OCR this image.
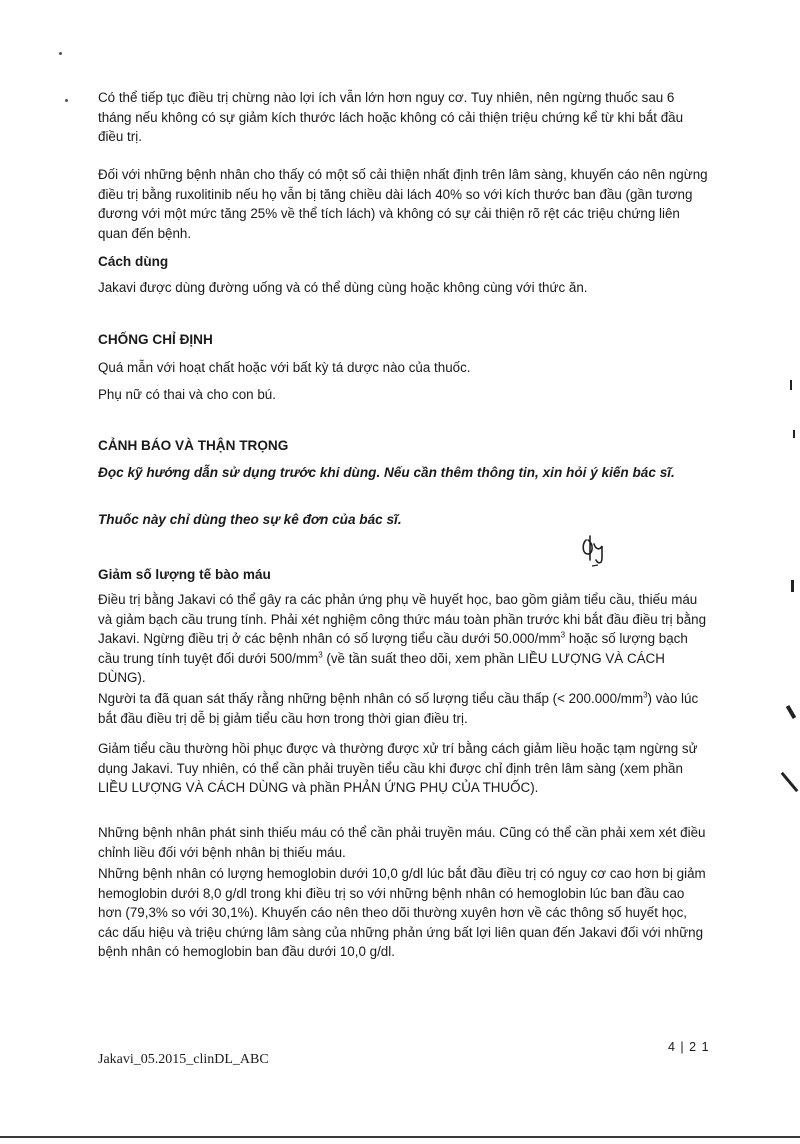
Có thể tiếp tục điều trị chừng nào lợi ích vẫn lớn hơn nguy cơ. Tuy nhiên, nên ngừng thuốc sau 6 tháng nếu không có sự giảm kích thước lách hoặc không có cải thiện triệu chứng kể từ khi bắt đầu điều trị.

Đối với những bệnh nhân cho thấy có một số cải thiện nhất định trên lâm sàng, khuyến cáo nên ngừng điều trị bằng ruxolitinib nếu họ vẫn bị tăng chiều dài lách 40% so với kích thước ban đầu (gần tương đương với một mức tăng 25% về thể tích lách) và không có sự cải thiện rõ rệt các triệu chứng liên quan đến bệnh.

Cách dùng

Jakavi được dùng đường uống và có thể dùng cùng hoặc không cùng với thức ăn.

CHỐNG CHỈ ĐỊNH

Quá mẫn với hoạt chất hoặc với bất kỳ tá dược nào của thuốc.

Phụ nữ có thai và cho con bú.

CẢNH BÁO VÀ THẬN TRỌNG

Đọc kỹ hướng dẫn sử dụng trước khi dùng. Nếu cần thêm thông tin, xin hỏi ý kiến bác sĩ.

Thuốc này chỉ dùng theo sự kê đơn của bác sĩ.

Giảm số lượng tế bào máu

Điều trị bằng Jakavi có thể gây ra các phản ứng phụ về huyết học, bao gồm giảm tiểu cầu, thiếu máu và giảm bạch cầu trung tính. Phải xét nghiệm công thức máu toàn phần trước khi bắt đầu điều trị bằng Jakavi. Ngừng điều trị ở các bệnh nhân có số lượng tiểu cầu dưới $50.000/mm^3$ hoặc số lượng bạch cầu trung tính tuyệt đối dưới $500/mm^3$ (về tần suất theo dõi, xem phần LIỀU LƯỢNG VÀ CÁCH DÙNG).

Người ta đã quan sát thấy rằng những bệnh nhân có số lượng tiểu cầu thấp (< $200.000/mm^3$) vào lúc bắt đầu điều trị dễ bị giảm tiểu cầu hơn trong thời gian điều trị.

Giảm tiểu cầu thường hồi phục được và thường được xử trí bằng cách giảm liều hoặc tạm ngừng sử dụng Jakavi. Tuy nhiên, có thể cần phải truyền tiểu cầu khi được chỉ định trên lâm sàng (xem phần LIỀU LƯỢNG VÀ CÁCH DÙNG và phần PHẢN ỨNG PHỤ CỦA THUỐC).

Những bệnh nhân phát sinh thiếu máu có thể cần phải truyền máu. Cũng có thể cần phải xem xét điều chỉnh liều đối với bệnh nhân bị thiếu máu.

Những bệnh nhân có lượng hemoglobin dưới 10,0 g/dl lúc bắt đầu điều trị có nguy cơ cao hơn bị giảm hemoglobin dưới 8,0 g/dl trong khi điều trị so với những bệnh nhân có hemoglobin lúc ban đầu cao hơn (79,3% so với 30,1%). Khuyến cáo nên theo dõi thường xuyên hơn về các thông số huyết học, các dấu hiệu và triệu chứng lâm sàng của những phản ứng bất lợi liên quan đến Jakavi đối với những bệnh nhân có hemoglobin ban đầu dưới 10,0 g/dl.

4 | 2 1
Jakavi_05.2015_clinDL_ABC
